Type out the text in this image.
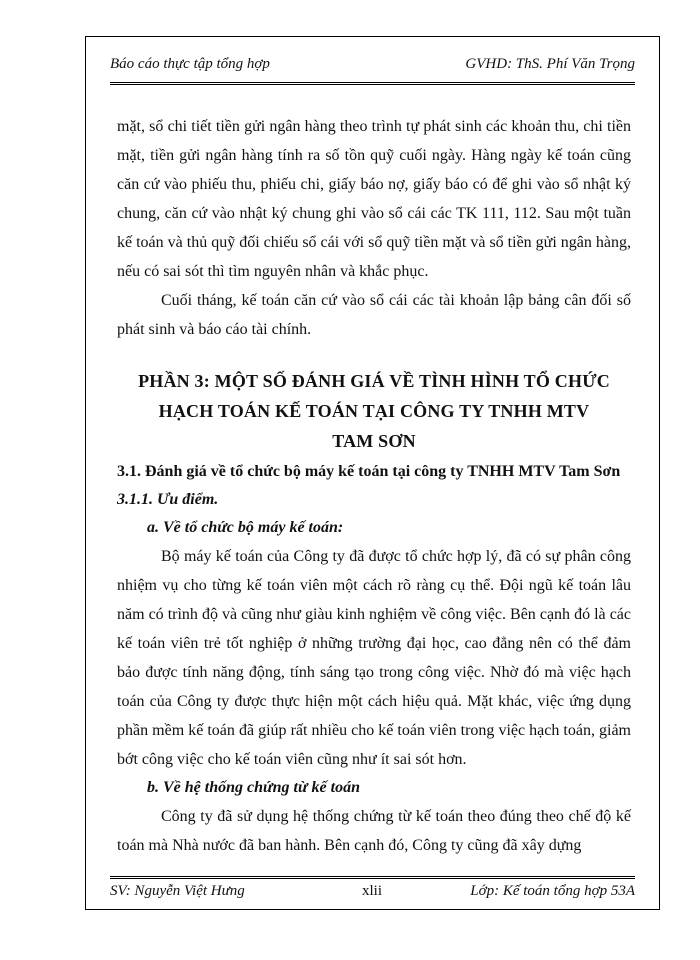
Báo cáo thực tập tổng hợp	GVHD: ThS. Phí Văn Trọng

mặt, sổ chi tiết tiền gửi ngân hàng theo trình tự phát sinh các khoản thu, chi tiền mặt, tiền gửi ngân hàng tính ra số tồn quỹ cuối ngày. Hàng ngày kế toán cũng căn cứ vào phiếu thu, phiếu chi, giấy báo nợ, giấy báo có để ghi vào sổ nhật ký chung, căn cứ vào nhật ký chung ghi vào sổ cái các TK 111, 112. Sau một tuần kế toán và thủ quỹ đối chiếu sổ cái với sổ quỹ tiền mặt và sổ tiền gửi ngân hàng, nếu có sai sót thì tìm nguyên nhân và khắc phục.

Cuối tháng, kế toán căn cứ vào sổ cái các tài khoản lập bảng cân đối số phát sinh và báo cáo tài chính.

PHẦN 3: MỘT SỐ ĐÁNH GIÁ VỀ TÌNH HÌNH TỔ CHỨC
HẠCH TOÁN KẾ TOÁN TẠI CÔNG TY TNHH MTV
TAM SƠN
3.1. Đánh giá về tổ chức bộ máy kế toán tại công ty TNHH MTV Tam Sơn
3.1.1. Ưu điểm.
a. Về tổ chức bộ máy kế toán:

Bộ máy kế toán của Công ty đã được tổ chức hợp lý, đã có sự phân công nhiệm vụ cho từng kế toán viên một cách rõ ràng cụ thể. Đội ngũ kế toán lâu năm có trình độ và cũng như giàu kinh nghiệm về công việc. Bên cạnh đó là các kế toán viên trẻ tốt nghiệp ở những trường đại học, cao đẳng nên có thể đảm bảo được tính năng động, tính sáng tạo trong công việc. Nhờ đó mà việc hạch toán của Công ty được thực hiện một cách hiệu quả. Mặt khác, việc ứng dụng phần mềm kế toán đã giúp rất nhiều cho kế toán viên trong việc hạch toán, giảm bớt công việc cho kế toán viên cũng như ít sai sót hơn.

b. Về hệ thống chứng từ kế toán

Công ty đã sử dụng hệ thống chứng từ kế toán theo đúng theo chế độ kế toán mà Nhà nước đã ban hành. Bên cạnh đó, Công ty cũng đã xây dựng

SV: Nguyễn Việt Hưng	xlii	Lớp: Kế toán tổng hợp 53A
